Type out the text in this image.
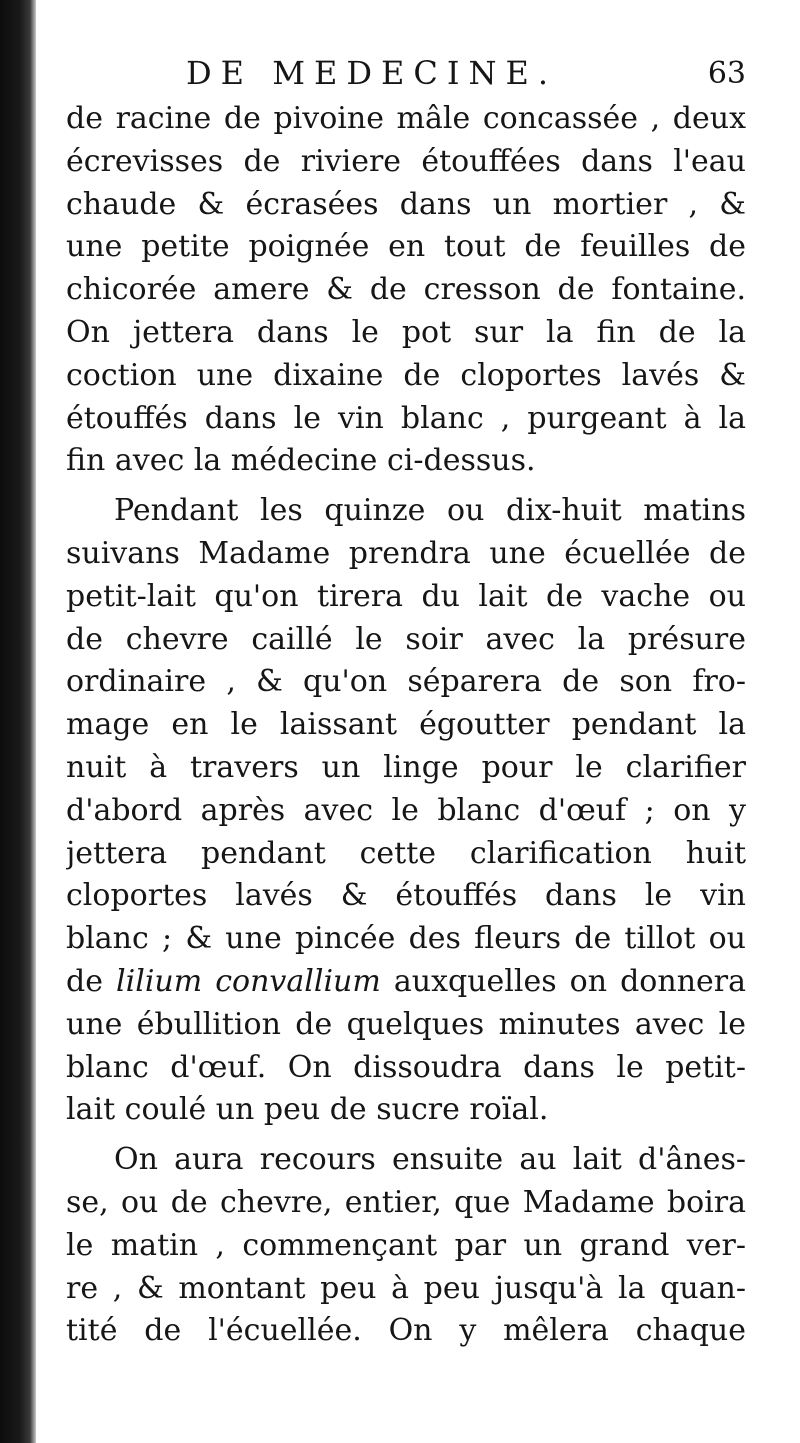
DE MEDECINE.	63
de racine de pivoine mâle concassée , deux
écrevisses de riviere étouffées dans l'eau
chaude & écrasées dans un mortier , &
une petite poignée en tout de feuilles de
chicorée amere & de cresson de fontaine.
On jettera dans le pot sur la fin de la
coction une dixaine de cloportes lavés &
étouffés dans le vin blanc , purgeant à la
fin avec la médecine ci-dessus.
Pendant les quinze ou dix-huit matins
suivans Madame prendra une écuellée de
petit-lait qu'on tirera du lait de vache ou
de chevre caillé le soir avec la présure
ordinaire , & qu'on séparera de son fro-
mage en le laissant égoutter pendant la
nuit à travers un linge pour le clarifier
d'abord après avec le blanc d'œuf ; on y
jettera pendant cette clarification huit
cloportes lavés & étouffés dans le vin
blanc ; & une pincée des fleurs de tillot ou
de lilium convallium auxquelles on donnera
une ébullition de quelques minutes avec le
blanc d'œuf. On dissoudra dans le petit-
lait coulé un peu de sucre roïal.
On aura recours ensuite au lait d'ânes-
se, ou de chevre, entier, que Madame boira
le matin , commençant par un grand ver-
re , & montant peu à peu jusqu'à la quan-
tité de l'écuellée. On y mêlera chaque
